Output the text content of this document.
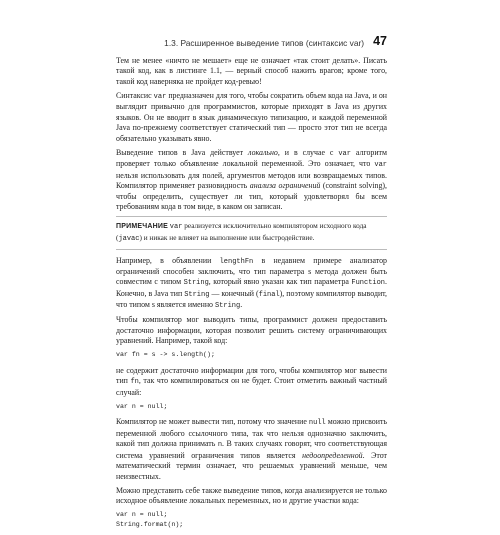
1.3. Расширенное выведение типов (синтаксис var) 47

Тем не менее «ничто не мешает» еще не означает «так стоит делать». Писать такой код, как в листинге 1.1, — верный способ нажить врагов; кроме того, такой код наверняка не пройдет код-ревью!

Синтаксис var предназначен для того, чтобы сократить объем кода на Java, и он выглядит привычно для программистов, которые приходят в Java из других языков. Он не вводит в язык динамическую типизацию, и каждой переменной Java по-прежнему соответствует статический тип — просто этот тип не всегда обязательно указывать явно.

Выведение типов в Java действует локально, и в случае с var алгоритм проверяет только объявление локальной переменной. Это означает, что var нельзя использовать для полей, аргументов методов или возвращаемых типов. Компилятор применяет разновидность анализа ограничений (constraint solving), чтобы определить, существует ли тип, который удовлетворял бы всем требованиям кода в том виде, в каком он записан.

ПРИМЕЧАНИЕ var реализуется исключительно компилятором исходного кода (javac) и никак не влияет на выполнение или быстродействие.

Например, в объявлении lengthFn в недавнем примере анализатор ограничений способен заключить, что тип параметра s метода должен быть совместим с типом String, который явно указан как тип параметра Function. Конечно, в Java тип String — конечный (final), поэтому компилятор выводит, что типом s является именно String.

Чтобы компилятор мог выводить типы, программист должен предоставить достаточно информации, которая позволит решить систему ограничивающих уравнений. Например, такой код:

var fn = s -> s.length();

не содержит достаточно информации для того, чтобы компилятор мог вывести тип fn, так что компилироваться он не будет. Стоит отметить важный частный случай:

var n = null;

Компилятор не может вывести тип, потому что значение null можно присвоить переменной любого ссылочного типа, так что нельзя однозначно заключить, какой тип должна принимать n. В таких случаях говорят, что соответствующая система уравнений ограничения типов является недоопределенной. Этот математический термин означает, что решаемых уравнений меньше, чем неизвестных.

Можно представить себе также выведение типов, когда анализируется не только исходное объявление локальных переменных, но и другие участки кода:

var n = null;
String.format(n);
